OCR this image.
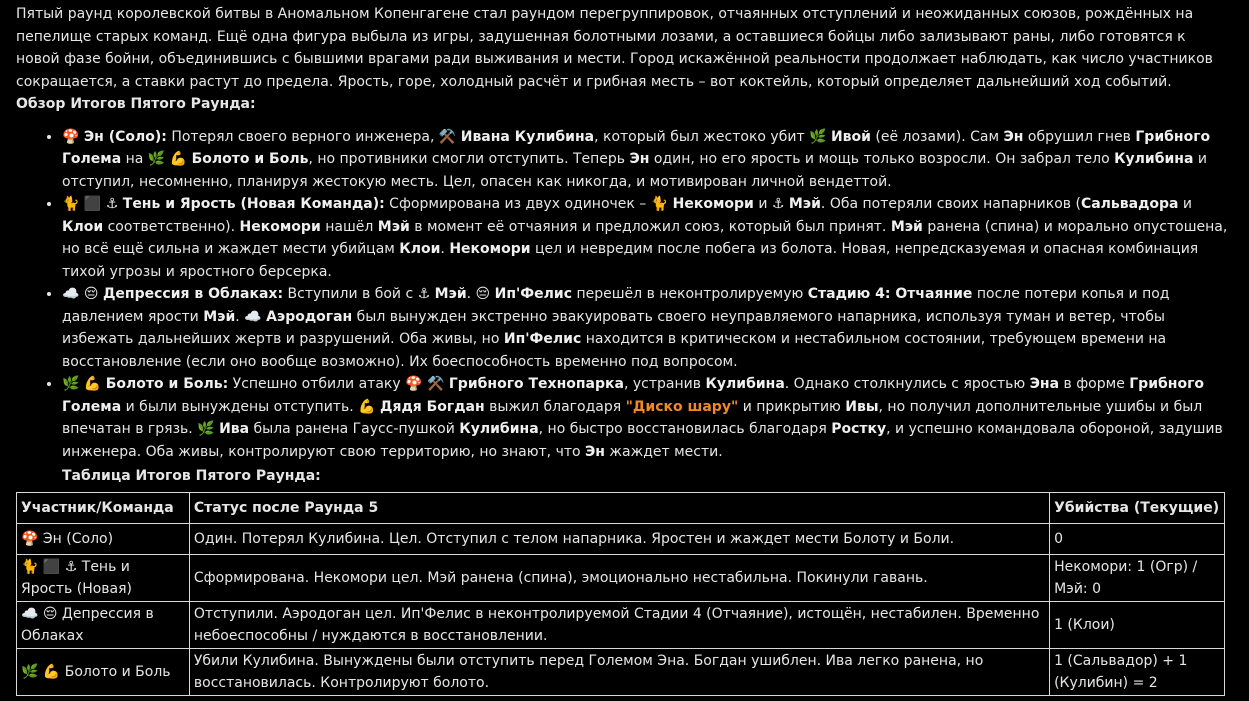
Пятый раунд королевской битвы в Аномальном Копенгагене стал раундом перегруппировок, отчаянных отступлений и неожиданных союзов, рождённых на пепелище старых команд. Ещё одна фигура выбыла из игры, задушенная болотными лозами, а оставшиеся бойцы либо зализывают раны, либо готовятся к новой фазе бойни, объединившись с бывшими врагами ради выживания и мести. Город искажённой реальности продолжает наблюдать, как число участников сокращается, а ставки растут до предела. Ярость, горе, холодный расчёт и грибная месть – вот коктейль, который определяет дальнейший ход событий.

Обзор Итогов Пятого Раунда:

• 🍄 Эн (Соло): Потерял своего верного инженера, ⚒️ Ивана Кулибина, который был жестоко убит 🌿 Ивой (её лозами). Сам Эн обрушил гнев Грибного Голема на 🌿 💪 Болото и Боль, но противники смогли отступить. Теперь Эн один, но его ярость и мощь только возросли. Он забрал тело Кулибина и отступил, несомненно, планируя жестокую месть. Цел, опасен как никогда, и мотивирован личной вендеттой.
• 🐈 ⬛ ⚓ Тень и Ярость (Новая Команда): Сформирована из двух одиночек – 🐈 Некомори и ⚓ Мэй. Оба потеряли своих напарников (Сальвадора и Клои соответственно). Некомори нашёл Мэй в момент её отчаяния и предложил союз, который был принят. Мэй ранена (спина) и морально опустошена, но всё ещё сильна и жаждет мести убийцам Клои. Некомори цел и невредим после побега из болота. Новая, непредсказуемая и опасная комбинация тихой угрозы и яростного берсерка.
• ☁️ 😔 Депрессия в Облаках: Вступили в бой с ⚓ Мэй. 😔 Ип'Фелис перешёл в неконтролируемую Стадию 4: Отчаяние после потери копья и под давлением ярости Мэй. ☁️ Аэродоган был вынужден экстренно эвакуировать своего неуправляемого напарника, используя туман и ветер, чтобы избежать дальнейших жертв и разрушений. Оба живы, но Ип'Фелис находится в критическом и нестабильном состоянии, требующем времени на восстановление (если оно вообще возможно). Их боеспособность временно под вопросом.
• 🌿 💪 Болото и Боль: Успешно отбили атаку 🍄 ⚒️ Грибного Технопарка, устранив Кулибина. Однако столкнулись с яростью Эна в форме Грибного Голема и были вынуждены отступить. 💪 Дядя Богдан выжил благодаря "Диско шару" и прикрытию Ивы, но получил дополнительные ушибы и был впечатан в грязь. 🌿 Ива была ранена Гаусс-пушкой Кулибина, но быстро восстановилась благодаря Ростку, и успешно командовала обороной, задушив инженера. Оба живы, контролируют свою территорию, но знают, что Эн жаждет мести.

Таблица Итогов Пятого Раунда:

Участник/Команда	Статус после Раунда 5	Убийства (Текущие)
🍄 Эн (Соло)	Один. Потерял Кулибина. Цел. Отступил с телом напарника. Яростен и жаждет мести Болоту и Боли.	0
🐈 ⬛ ⚓ Тень и Ярость (Новая)	Сформирована. Некомори цел. Мэй ранена (спина), эмоционально нестабильна. Покинули гавань.	Некомори: 1 (Огр) / Мэй: 0
☁️ 😔 Депрессия в Облаках	Отступили. Аэродоган цел. Ип'Фелис в неконтролируемой Стадии 4 (Отчаяние), истощён, нестабилен. Временно небоеспособны / нуждаются в восстановлении.	1 (Клои)
🌿 💪 Болото и Боль	Убили Кулибина. Вынуждены были отступить перед Големом Эна. Богдан ушиблен. Ива легко ранена, но восстановилась. Контролируют болото.	1 (Сальвадор) + 1 (Кулибин) = 2
